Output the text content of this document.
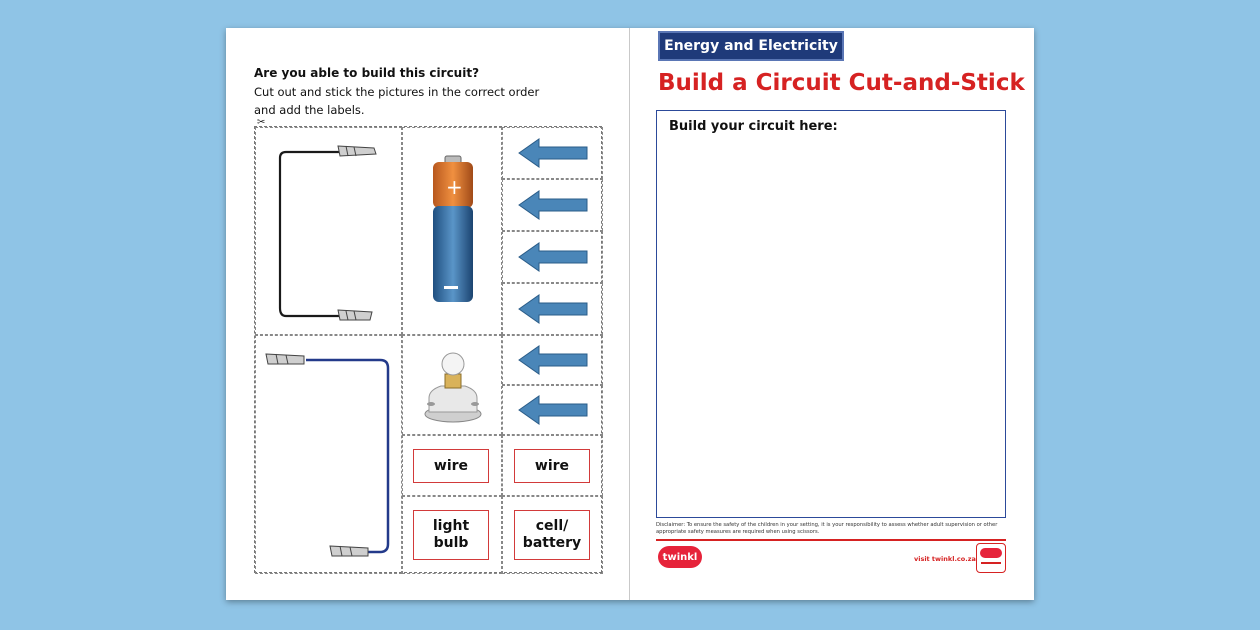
Are you able to build this circuit?
Cut out and stick the pictures in the correct order and add the labels.
✂
+
wire	wire
light bulb
cell/ battery
Energy and Electricity
Build a Circuit Cut-and-Stick
Build your circuit here:
Disclaimer: To ensure the safety of the children in your setting, it is your responsibility to assess whether adult supervision or other appropriate safety measures are required when using scissors.
twinkl	visit twinkl.co.za
